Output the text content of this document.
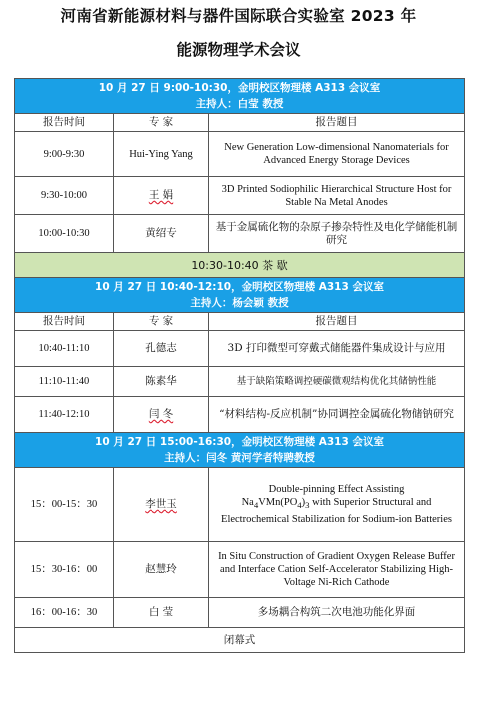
河南省新能源材料与器件国际联合实验室 2023 年
能源物理学术会议
10 月 27 日 9:00-10:30，金明校区物理楼 A313 会议室
主持人：白莹 教授		

报告时间	专 家	报告题目
9:00-9:30	Hui-Ying Yang	New Generation Low-dimensional Nanomaterials for Advanced Energy Storage Devices
9:30-10:00	王 娟	3D Printed Sodiophilic Hierarchical Structure Host for Stable Na Metal Anodes
10:00-10:30	黄绍专	基于金属硫化物的杂原子掺杂特性及电化学储能机制研究
10:30-10:40 茶 歇		

10 月 27 日 10:40-12:10，金明校区物理楼 A313 会议室
主持人：杨会颖 教授		

报告时间	专 家	报告题目
10:40-11:10	孔德志	3D 打印微型可穿戴式储能器件集成设计与应用
11:10-11:40	陈素华	基于缺陷策略调控硬碳微观结构优化其储钠性能
11:40-12:10	闫 冬	“材料结构-反应机制”协同调控金属硫化物储钠研究

10 月 27 日 15:00-16:30，金明校区物理楼 A313 会议室
主持人：闫冬 黄河学者特聘教授		

15：00-15：30	李世玉	Double-pinning Effect Assisting
$Na_4VMn(PO_4)_3$ with Superior Structural and Electrochemical Stabilization for Sodium-ion Batteries
15：30-16：00	赵慧玲	In Situ Construction of Gradient Oxygen Release Buffer and Interface Cation Self-Accelerator Stabilizing High-Voltage Ni-Rich Cathode
16：00-16：30	白 莹	多场耦合构筑二次电池功能化界面
闭幕式		
